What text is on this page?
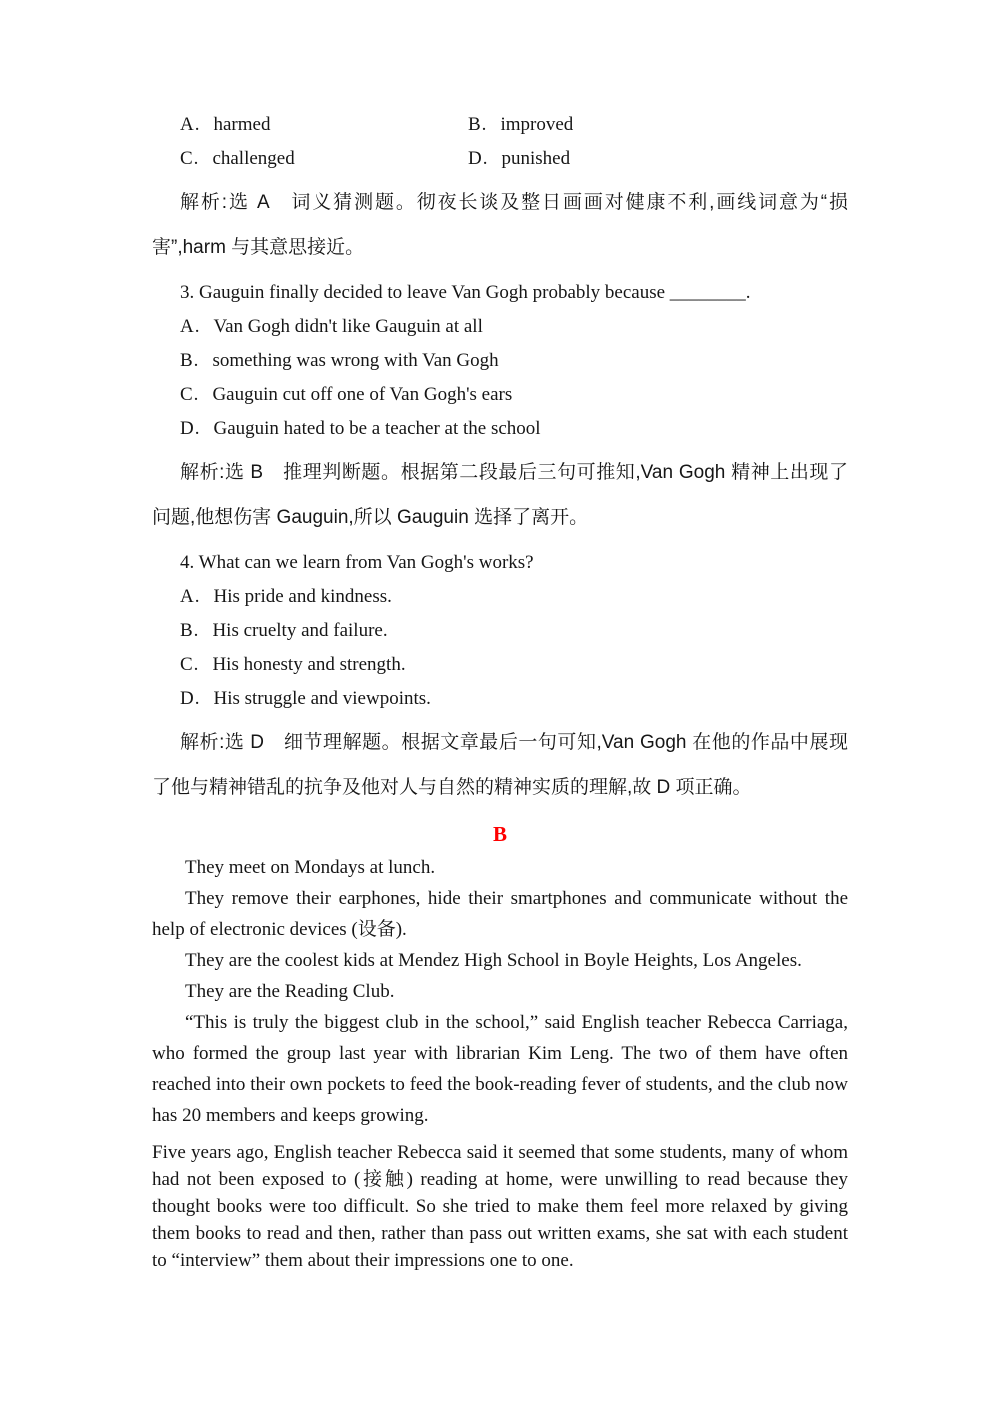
A. harmed	B. improved
C. challenged	D. punished

解析:选 A　词义猜测题。彻夜长谈及整日画画对健康不利,画线词意为“损害”,harm 与其意思接近。

3. Gauguin finally decided to leave Van Gogh probably because ________.

A. Van Gogh didn't like Gauguin at all
B. something was wrong with Van Gogh
C. Gauguin cut off one of Van Gogh's ears
D. Gauguin hated to be a teacher at the school

解析:选 B　推理判断题。根据第二段最后三句可推知,Van Gogh 精神上出现了问题,他想伤害 Gauguin,所以 Gauguin 选择了离开。

4. What can we learn from Van Gogh's works?

A. His pride and kindness.
B. His cruelty and failure.
C. His honesty and strength.
D. His struggle and viewpoints.

解析:选 D　细节理解题。根据文章最后一句可知,Van Gogh 在他的作品中展现了他与精神错乱的抗争及他对人与自然的精神实质的理解,故 D 项正确。

B

They meet on Mondays at lunch.

They remove their earphones, hide their smartphones and communicate without the help of electronic devices (设备).

They are the coolest kids at Mendez High School in Boyle Heights, Los Angeles.

They are the Reading Club.

“This is truly the biggest club in the school,” said English teacher Rebecca Carriaga, who formed the group last year with librarian Kim Leng. The two of them have often reached into their own pockets to feed the book-reading fever of students, and the club now has 20 members and keeps growing.

Five years ago, English teacher Rebecca said it seemed that some students, many of whom had not been exposed to (接触) reading at home, were unwilling to read because they thought books were too difficult. So she tried to make them feel more relaxed by giving them books to read and then, rather than pass out written exams, she sat with each student to “interview” them about their impressions one to one.
